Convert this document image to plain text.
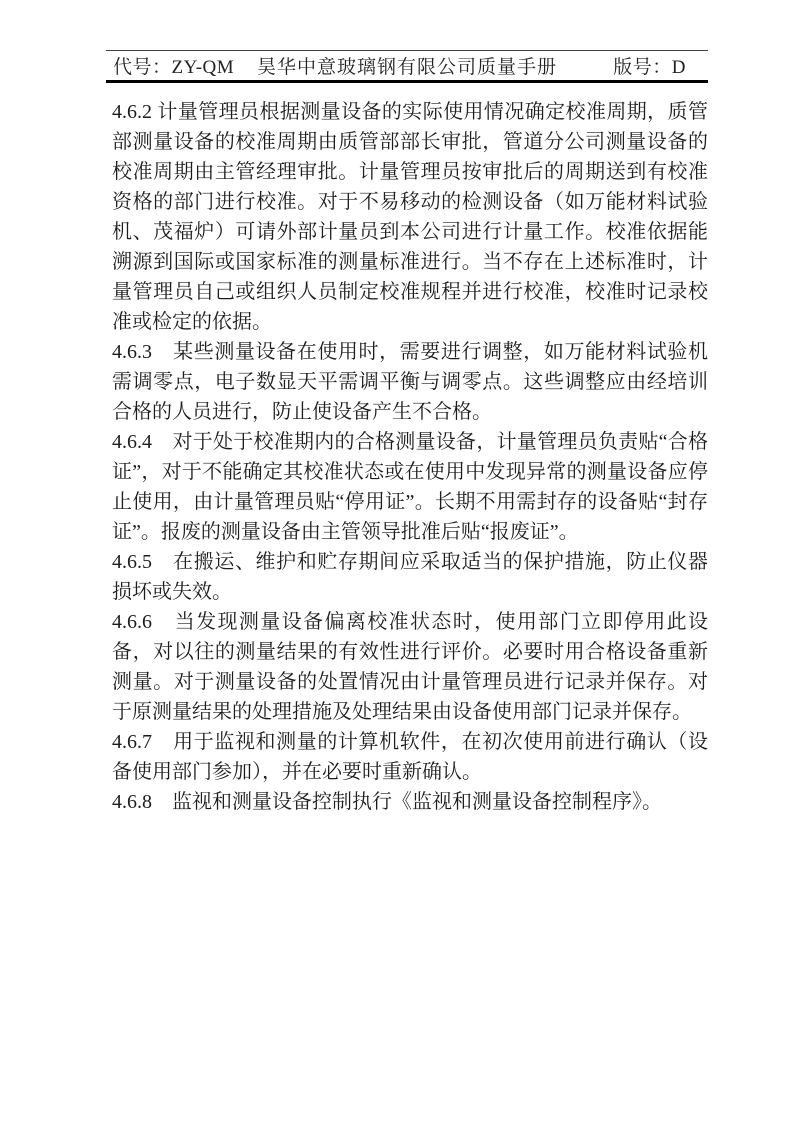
代号：ZY-QM	昊华中意玻璃钢有限公司质量手册	版号：D

4.6.2 计量管理员根据测量设备的实际使用情况确定校准周期，质管部测量设备的校准周期由质管部部长审批，管道分公司测量设备的校准周期由主管经理审批。计量管理员按审批后的周期送到有校准资格的部门进行校准。对于不易移动的检测设备（如万能材料试验机、茂福炉）可请外部计量员到本公司进行计量工作。校准依据能溯源到国际或国家标准的测量标准进行。当不存在上述标准时，计量管理员自己或组织人员制定校准规程并进行校准，校准时记录校准或检定的依据。

4.6.3　某些测量设备在使用时，需要进行调整，如万能材料试验机需调零点，电子数显天平需调平衡与调零点。这些调整应由经培训合格的人员进行，防止使设备产生不合格。

4.6.4　对于处于校准期内的合格测量设备，计量管理员负责贴“合格证”，对于不能确定其校准状态或在使用中发现异常的测量设备应停止使用，由计量管理员贴“停用证”。长期不用需封存的设备贴“封存证”。报废的测量设备由主管领导批准后贴“报废证”。

4.6.5　在搬运、维护和贮存期间应采取适当的保护措施，防止仪器损坏或失效。

4.6.6　当发现测量设备偏离校准状态时，使用部门立即停用此设备，对以往的测量结果的有效性进行评价。必要时用合格设备重新测量。对于测量设备的处置情况由计量管理员进行记录并保存。对于原测量结果的处理措施及处理结果由设备使用部门记录并保存。

4.6.7　用于监视和测量的计算机软件，在初次使用前进行确认（设备使用部门参加），并在必要时重新确认。

4.6.8　监视和测量设备控制执行《监视和测量设备控制程序》。
